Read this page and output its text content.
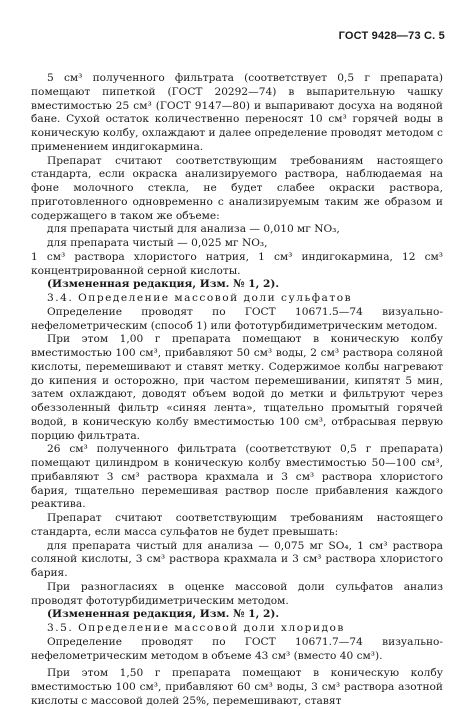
ГОСТ 9428—73 С. 5

5 см³ полученного фильтрата (соответствует 0,5 г препарата) помещают пипеткой (ГОСТ 20292—74) в выпарительную чашку вместимостью 25 см³ (ГОСТ 9147—80) и выпаривают досуха на водяной бане. Сухой остаток количественно переносят 10 см³ горячей воды в коническую колбу, охлаждают и далее определение проводят методом с применением индигокармина.

Препарат считают соответствующим требованиям настоящего стандарта, если окраска анализируемого раствора, наблюдаемая на фоне молочного стекла, не будет слабее окраски раствора, приготовленного одновременно с анализируемым таким же образом и содержащего в таком же объеме:

для препарата чистый для анализа — 0,010 мг NO₃,

для препарата чистый — 0,025 мг NO₃,

1 см³ раствора хлористого натрия, 1 см³ индигокармина, 12 см³ концентрированной серной кислоты.

(Измененная редакция, Изм. № 1, 2).

3.4. Определение массовой доли сульфатов

Определение проводят по ГОСТ 10671.5—74 визуально-нефелометрическим (способ 1) или фототурбидиметрическим методом.

При этом 1,00 г препарата помещают в коническую колбу вместимостью 100 см³, прибавляют 50 см³ воды, 2 см³ раствора соляной кислоты, перемешивают и ставят метку. Содержимое колбы нагревают до кипения и осторожно, при частом перемешивании, кипятят 5 мин, затем охлаждают, доводят объем водой до метки и фильтруют через обеззоленный фильтр «синяя лента», тщательно промытый горячей водой, в коническую колбу вместимостью 100 см³, отбрасывая первую порцию фильтрата.

26 см³ полученного фильтрата (соответствуют 0,5 г препарата) помещают цилиндром в коническую колбу вместимостью 50—100 см³, прибавляют 3 см³ раствора крахмала и 3 см³ раствора хлористого бария, тщательно перемешивая раствор после прибавления каждого реактива.

Препарат считают соответствующим требованиям настоящего стандарта, если масса сульфатов не будет превышать:

для препарата чистый для анализа — 0,075 мг SO₄, 1 см³ раствора соляной кислоты, 3 см³ раствора крахмала и 3 см³ раствора хлористого бария.

При разногласиях в оценке массовой доли сульфатов анализ проводят фототурбидиметрическим методом.

(Измененная редакция, Изм. № 1, 2).

3.5. Определение массовой доли хлоридов

Определение проводят по ГОСТ 10671.7—74 визуально-нефелометрическим методом в объеме 43 см³ (вместо 40 см³).

При этом 1,50 г препарата помещают в коническую колбу вместимостью 100 см³, прибавляют 60 см³ воды, 3 см³ раствора азотной кислоты с массовой долей 25%, перемешивают, ставят
